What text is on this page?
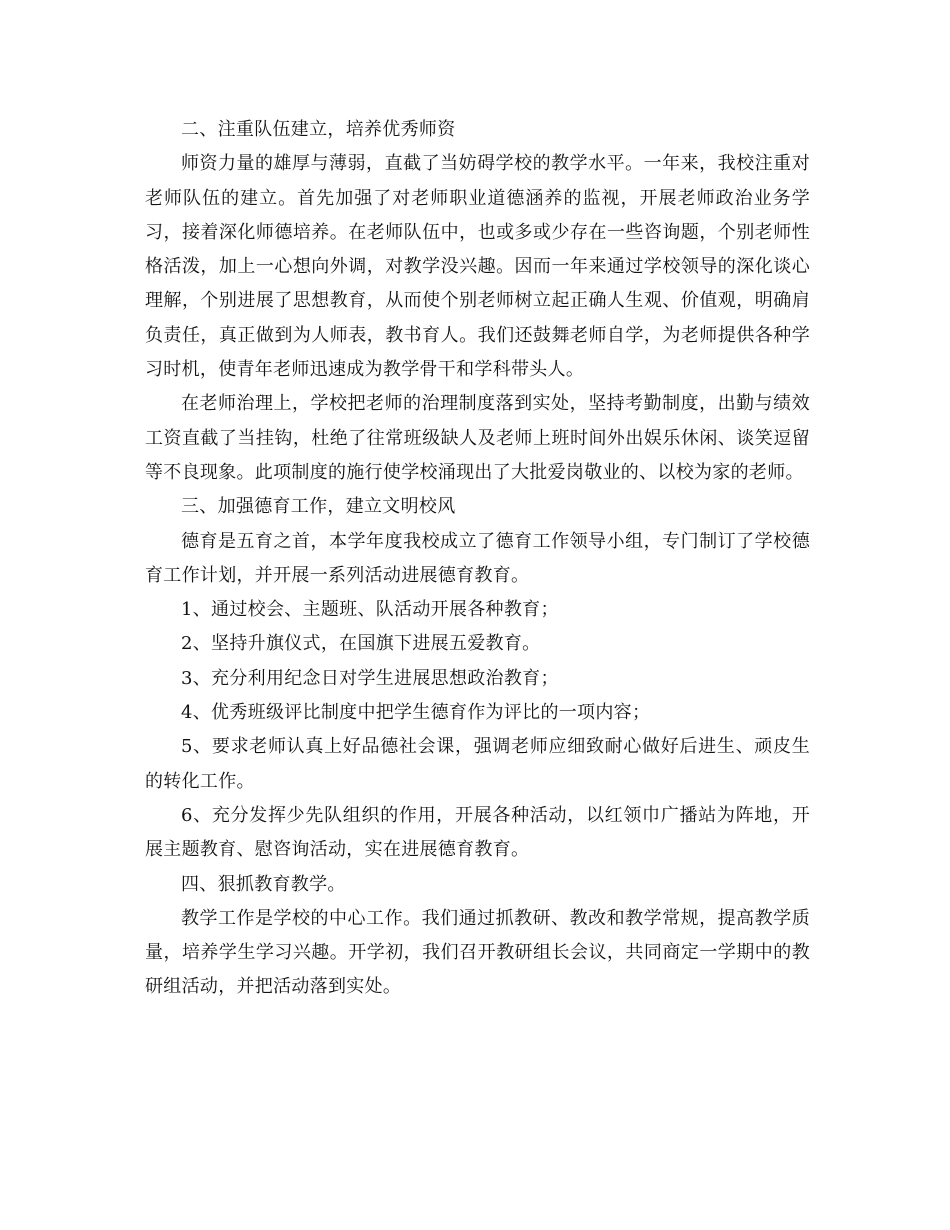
二、注重队伍建立，培养优秀师资

师资力量的雄厚与薄弱，直截了当妨碍学校的教学水平。一年来，我校注重对老师队伍的建立。首先加强了对老师职业道德涵养的监视，开展老师政治业务学习，接着深化师德培养。在老师队伍中，也或多或少存在一些咨询题，个别老师性格活泼，加上一心想向外调，对教学没兴趣。因而一年来通过学校领导的深化谈心理解，个别进展了思想教育，从而使个别老师树立起正确人生观、价值观，明确肩负责任，真正做到为人师表，教书育人。我们还鼓舞老师自学，为老师提供各种学习时机，使青年老师迅速成为教学骨干和学科带头人。

在老师治理上，学校把老师的治理制度落到实处，坚持考勤制度，出勤与绩效工资直截了当挂钩，杜绝了往常班级缺人及老师上班时间外出娱乐休闲、谈笑逗留等不良现象。此项制度的施行使学校涌现出了大批爱岗敬业的、以校为家的老师。

三、加强德育工作，建立文明校风

德育是五育之首，本学年度我校成立了德育工作领导小组，专门制订了学校德育工作计划，并开展一系列活动进展德育教育。

1、通过校会、主题班、队活动开展各种教育；

2、坚持升旗仪式，在国旗下进展五爱教育。

3、充分利用纪念日对学生进展思想政治教育；

4、优秀班级评比制度中把学生德育作为评比的一项内容；

5、要求老师认真上好品德社会课，强调老师应细致耐心做好后进生、顽皮生的转化工作。

6、充分发挥少先队组织的作用，开展各种活动，以红领巾广播站为阵地，开展主题教育、慰咨询活动，实在进展德育教育。

四、狠抓教育教学。

教学工作是学校的中心工作。我们通过抓教研、教改和教学常规，提高教学质量，培养学生学习兴趣。开学初，我们召开教研组长会议，共同商定一学期中的教研组活动，并把活动落到实处。
